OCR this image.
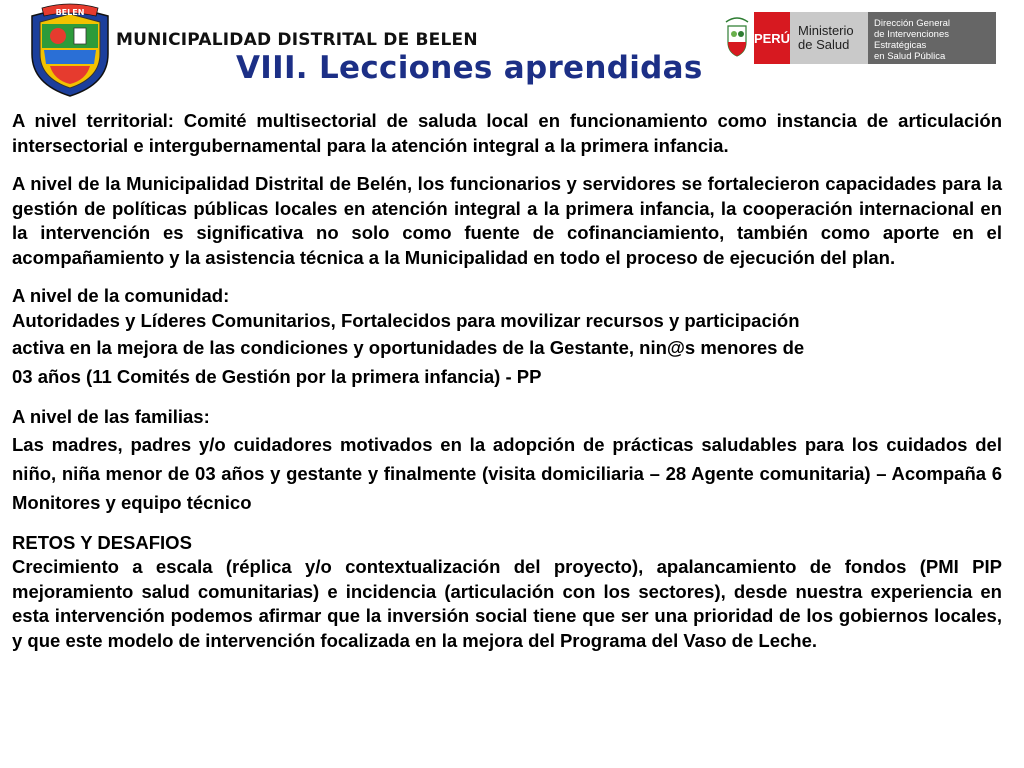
BELEN
MUNICIPALIDAD DISTRITAL DE BELEN
VIII. Lecciones aprendidas
PERÚ Ministerio
de Salud
Dirección General
de Intervenciones Estratégicas
en Salud Pública

A nivel territorial: Comité multisectorial de saluda local en funcionamiento como instancia de articulación intersectorial e intergubernamental para la atención integral a la primera infancia.

A nivel de la Municipalidad Distrital de Belén, los funcionarios y servidores se fortalecieron capacidades para la gestión de políticas públicas locales en atención integral a la primera infancia, la cooperación internacional en la intervención es significativa no solo como fuente de cofinanciamiento, también como aporte en el acompañamiento y la asistencia técnica a la Municipalidad en todo el proceso de ejecución del plan.

A nivel de la comunidad:

Autoridades y Líderes Comunitarios, Fortalecidos para movilizar recursos y participación

activa en la mejora de las condiciones y oportunidades de la Gestante, nin@s menores de

03 años (11 Comités de Gestión por la primera infancia) - PP

A nivel de las familias:

Las madres, padres y/o cuidadores motivados en la adopción de prácticas saludables para los cuidados del niño, niña menor de 03 años y gestante y finalmente (visita domiciliaria – 28 Agente comunitaria) – Acompaña 6 Monitores y equipo técnico

RETOS Y DESAFIOS

Crecimiento a escala (réplica y/o contextualización del proyecto), apalancamiento de fondos (PMI PIP mejoramiento salud comunitarias) e incidencia (articulación con los sectores), desde nuestra experiencia en esta intervención podemos afirmar que la inversión social tiene que ser una prioridad de los gobiernos locales, y que este modelo de intervención focalizada en la mejora del Programa del Vaso de Leche.
